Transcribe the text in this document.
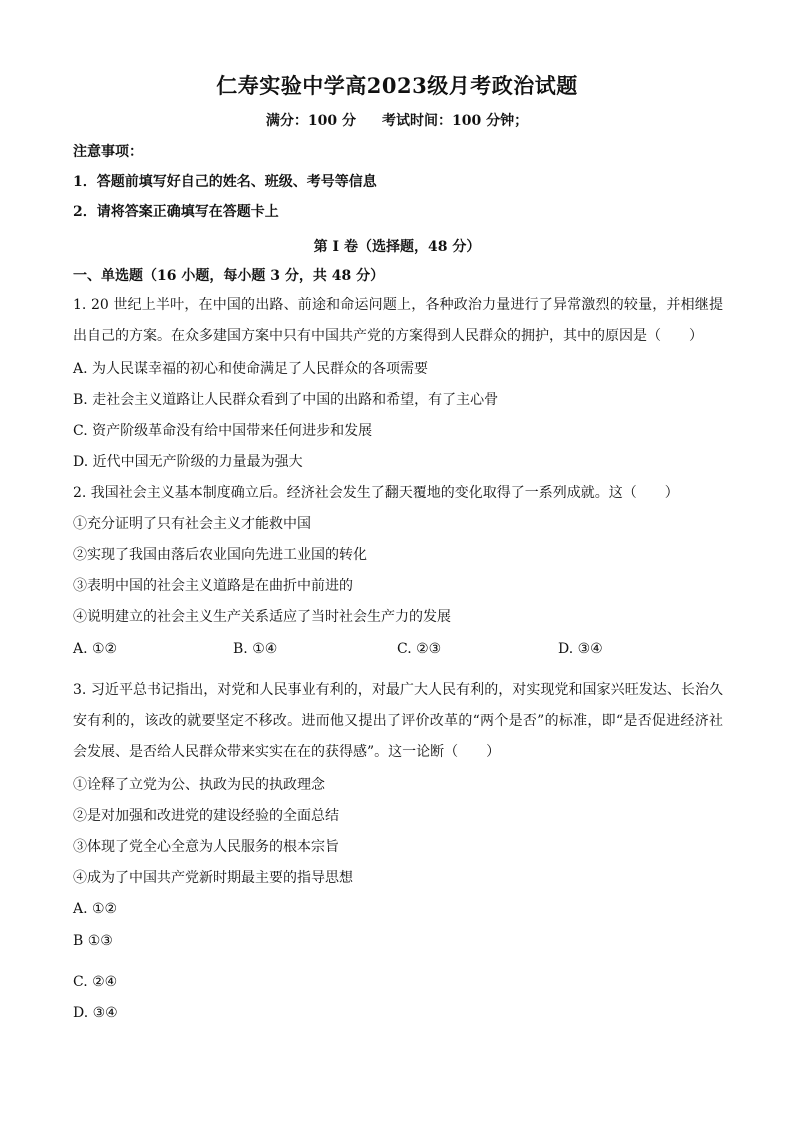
仁寿实验中学高2023级月考政治试题
满分：100 分 考试时间：100 分钟；
注意事项：
1．答题前填写好自己的姓名、班级、考号等信息
2．请将答案正确填写在答题卡上
第 I 卷（选择题，48 分）
一、单选题（16 小题，每小题 3 分，共 48 分）
1. 20 世纪上半叶，在中国的出路、前途和命运问题上，各种政治力量进行了异常激烈的较量，并相继提出自己的方案。在众多建国方案中只有中国共产党的方案得到人民群众的拥护，其中的原因是（　　）
A. 为人民谋幸福的初心和使命满足了人民群众的各项需要
B. 走社会主义道路让人民群众看到了中国的出路和希望，有了主心骨
C. 资产阶级革命没有给中国带来任何进步和发展
D. 近代中国无产阶级的力量最为强大
2. 我国社会主义基本制度确立后。经济社会发生了翻天覆地的变化取得了一系列成就。这（　　）
①充分证明了只有社会主义才能救中国
②实现了我国由落后农业国向先进工业国的转化
③表明中国的社会主义道路是在曲折中前进的
④说明建立的社会主义生产关系适应了当时社会生产力的发展
A. ①②	B. ①④	C. ②③	D. ③④
3. 习近平总书记指出，对党和人民事业有利的，对最广大人民有利的，对实现党和国家兴旺发达、长治久安有利的，该改的就要坚定不移改。进而他又提出了评价改革的“两个是否”的标准，即“是否促进经济社会发展、是否给人民群众带来实实在在的获得感”。这一论断（　　）
①诠释了立党为公、执政为民的执政理念
②是对加强和改进党的建设经验的全面总结
③体现了党全心全意为人民服务的根本宗旨
④成为了中国共产党新时期最主要的指导思想
A. ①②
B ①③
C. ②④
D. ③④
